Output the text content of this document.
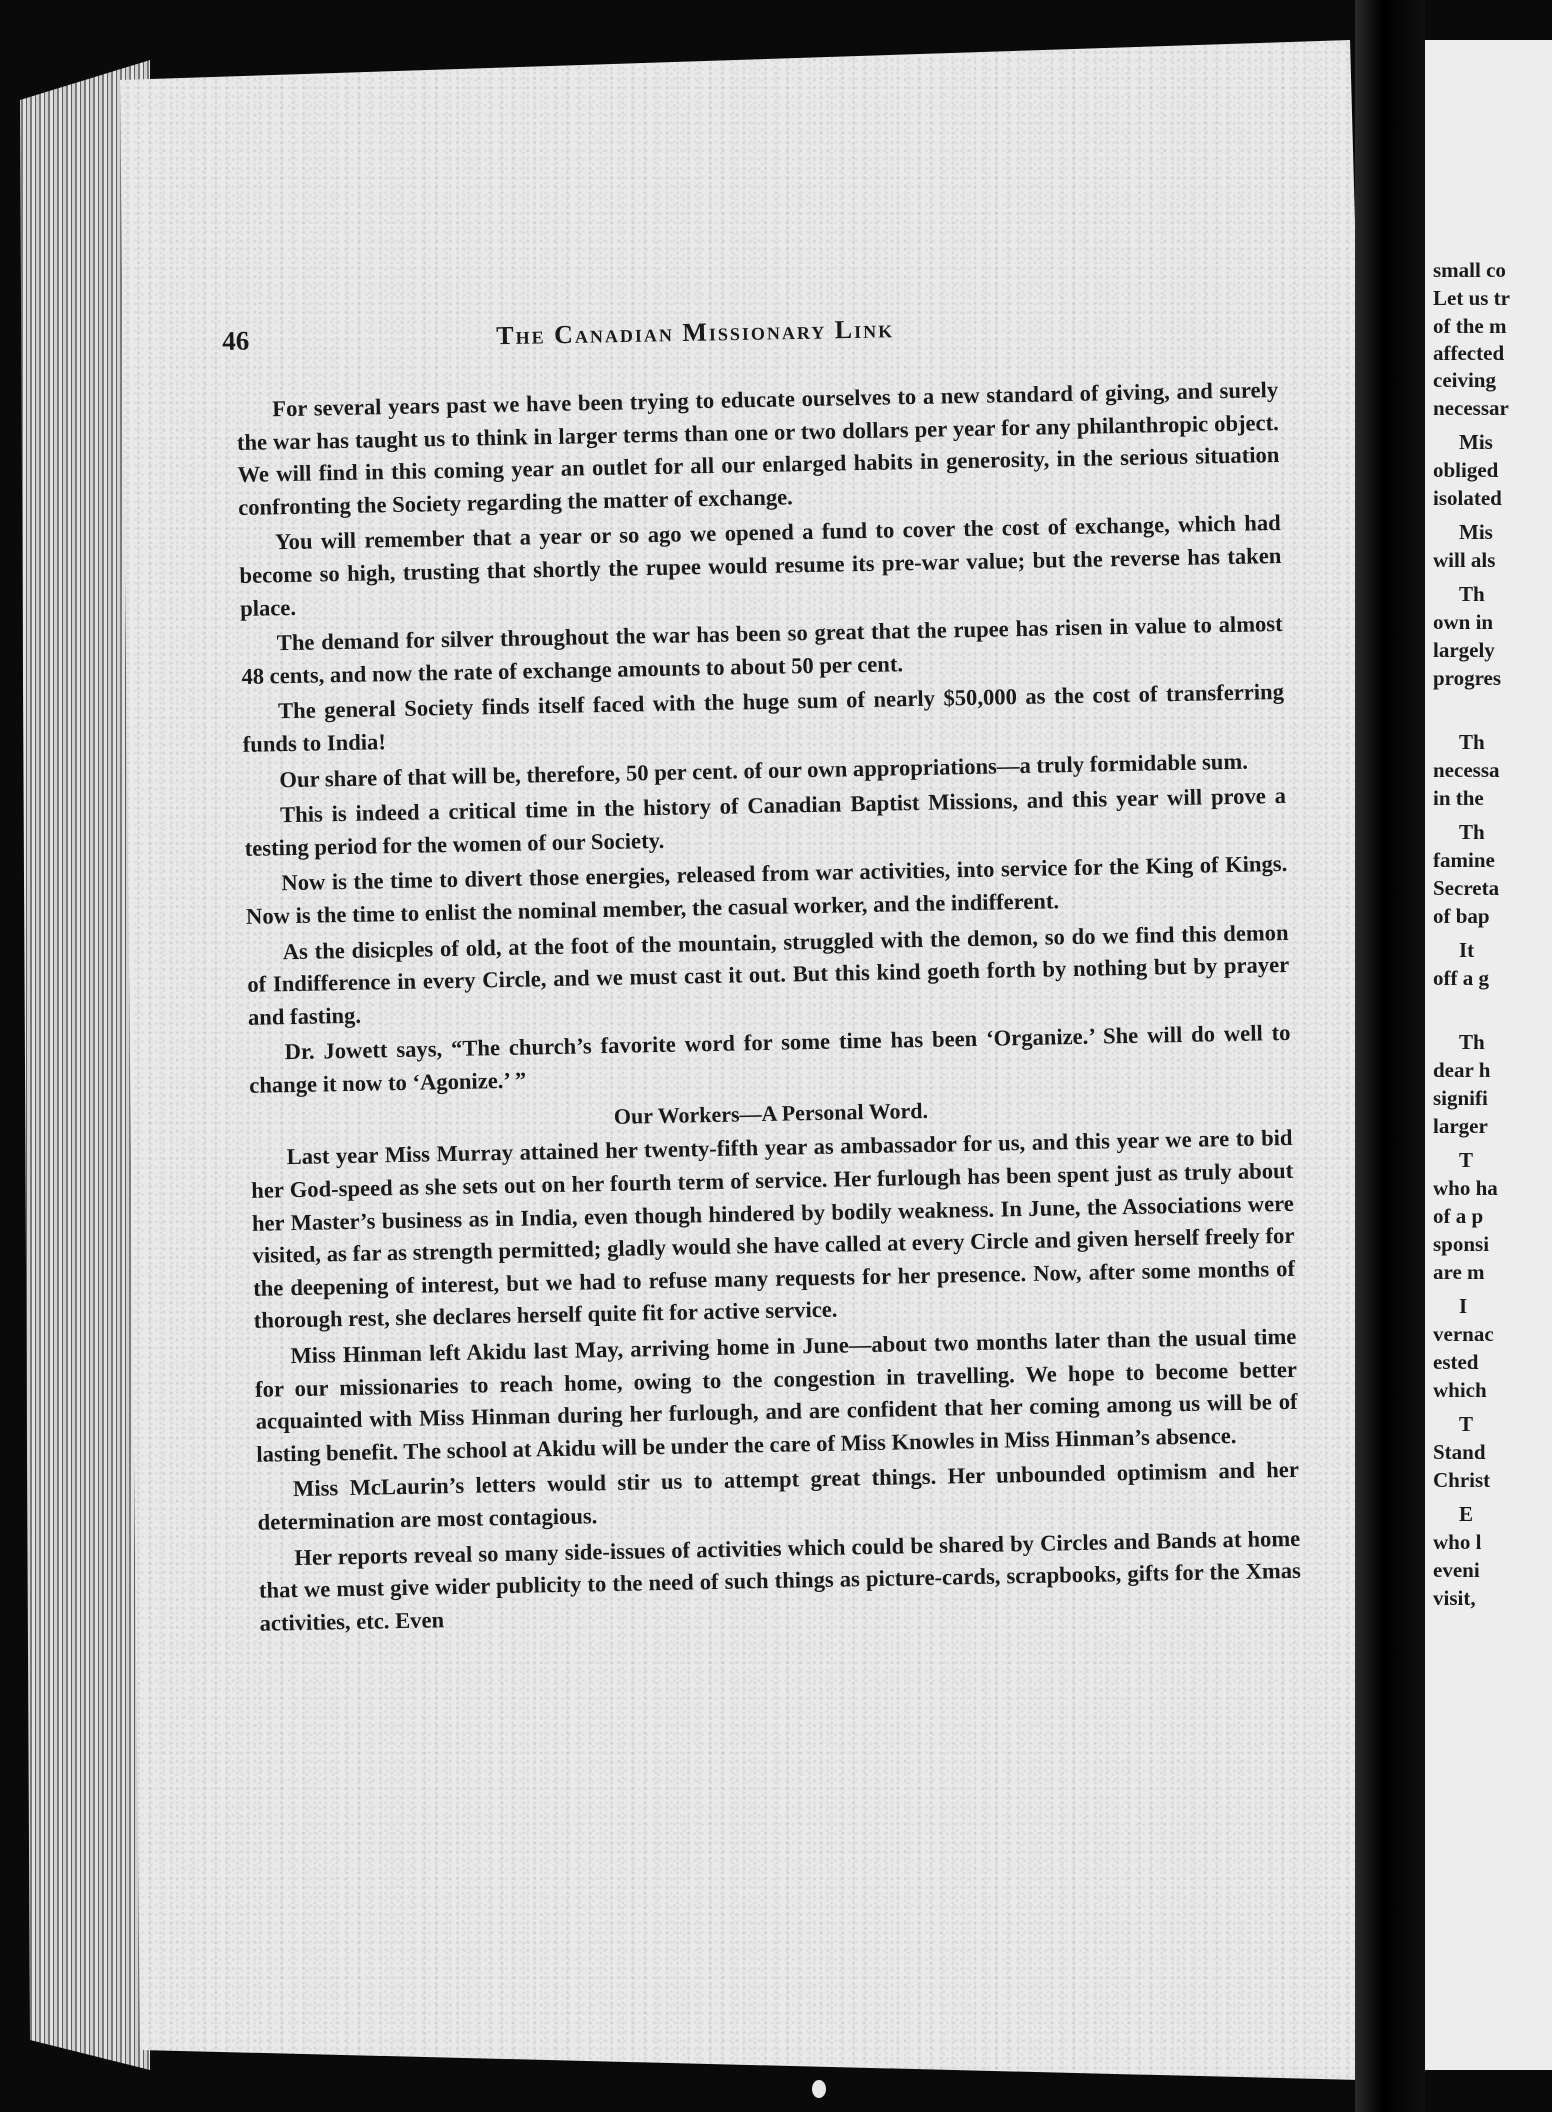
small co
Let us tr
of the m
affected
ceiving
necessar
Mis
obliged
isolated
Mis
will als
Th
own in
largely
progres
Th
necessa
in the
Th
famine
Secreta
of bap
It
off a g
Th
dear h
signifi
larger
T
who ha
of a p
sponsi
are m
I
vernac
ested
which
T
Stand
Christ
E
who l
eveni
visit,
46	The Canadian Missionary Link

For several years past we have been trying to educate ourselves to a new standard of giving, and surely the war has taught us to think in larger terms than one or two dollars per year for any philanthropic object. We will find in this coming year an outlet for all our enlarged habits in generosity, in the serious situation confronting the Society regarding the matter of exchange.

You will remember that a year or so ago we opened a fund to cover the cost of exchange, which had become so high, trusting that shortly the rupee would resume its pre-war value; but the reverse has taken place.

The demand for silver throughout the war has been so great that the rupee has risen in value to almost 48 cents, and now the rate of exchange amounts to about 50 per cent.

The general Society finds itself faced with the huge sum of nearly $50,000 as the cost of transferring funds to India!

Our share of that will be, therefore, 50 per cent. of our own appropriations—a truly formidable sum.

This is indeed a critical time in the history of Canadian Baptist Missions, and this year will prove a testing period for the women of our Society.

Now is the time to divert those energies, released from war activities, into service for the King of Kings. Now is the time to enlist the nominal member, the casual worker, and the indifferent.

As the disicples of old, at the foot of the mountain, struggled with the demon, so do we find this demon of Indifference in every Circle, and we must cast it out. But this kind goeth forth by nothing but by prayer and fasting.

Dr. Jowett says, “The church’s favorite word for some time has been ‘Organize.’ She will do well to change it now to ‘Agonize.’ ”

Our Workers—A Personal Word.

Last year Miss Murray attained her twenty-fifth year as ambassador for us, and this year we are to bid her God-speed as she sets out on her fourth term of service. Her furlough has been spent just as truly about her Master’s business as in India, even though hindered by bodily weakness. In June, the Associations were visited, as far as strength permitted; gladly would she have called at every Circle and given herself freely for the deepening of interest, but we had to refuse many requests for her presence. Now, after some months of thorough rest, she declares herself quite fit for active service.

Miss Hinman left Akidu last May, arriving home in June—about two months later than the usual time for our missionaries to reach home, owing to the congestion in travelling. We hope to become better acquainted with Miss Hinman during her furlough, and are confident that her coming among us will be of lasting benefit. The school at Akidu will be under the care of Miss Knowles in Miss Hinman’s absence.

Miss McLaurin’s letters would stir us to attempt great things. Her unbounded optimism and her determination are most contagious.

Her reports reveal so many side-issues of activities which could be shared by Circles and Bands at home that we must give wider publicity to the need of such things as picture-cards, scrapbooks, gifts for the Xmas activities, etc. Even
